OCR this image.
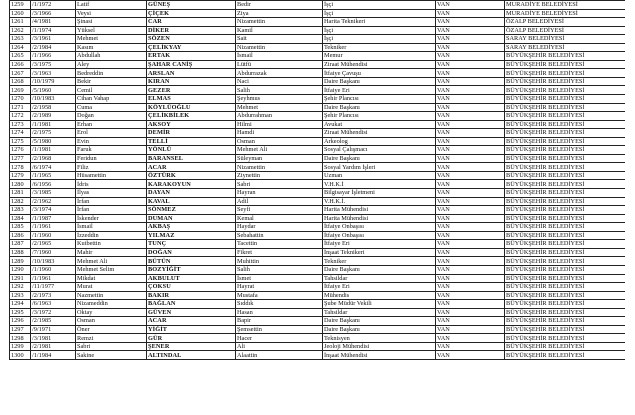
1259	/1/1972	Latif	GÜNEŞ	Bedir	İşçi	VAN	MURADİYE BELEDİYESİ
1260	/3/1966	Veysi	ÇİÇEK	Ziya	İşçi	VAN	MURADİYE BELEDİYESİ
1261	/4/1981	Şinasi	CAR	Nizamettin	Harita Teknikeri	VAN	ÖZALP BELEDİYESİ
1262	/1/1974	Yüksel	DİKER	Kamil	İşçi	VAN	ÖZALP BELEDİYESİ
1263	/3/1961	Mehmet	SÖZEN	Sait	İşçi	VAN	SARAY BELEDİYESİ
1264	/2/1984	Kasım	ÇELİKYAY	Nizamettin	Tekniker	VAN	SARAY BELEDİYESİ
1265	/1/1966	Abdullah	ERTAK	İsmail	Memur	VAN	BÜYÜKŞEHİR BELEDİYESİ
1266	/3/1975	Aley	ŞAHAR CANİŞ	Lütfü	Ziraat Mühendisi	VAN	BÜYÜKŞEHİR BELEDİYESİ
1267	/3/1963	Bedreddin	ARSLAN	Abdurrazak	İtfaiye Çavuşu	VAN	BÜYÜKŞEHİR BELEDİYESİ
1268	/10/1979	Bekir	KIRAN	Naci	Daire Başkanı	VAN	BÜYÜKŞEHİR BELEDİYESİ
1269	/5/1960	Cemil	GEZER	Salih	İtfaiye Eri	VAN	BÜYÜKŞEHİR BELEDİYESİ
1270	/10/1983	Cihan Vahap	ELMAS	Şeyhmus	Şehir Plancısı	VAN	BÜYÜKŞEHİR BELEDİYESİ
1271	/2/1958	Cuma	KÖYLÜOĞLU	Mehmet	Daire Başkanı	VAN	BÜYÜKŞEHİR BELEDİYESİ
1272	/2/1989	Doğan	ÇELİKBİLEK	Abdurrahman	Şehir Plancısı	VAN	BÜYÜKŞEHİR BELEDİYESİ
1273	/1/1981	Erhan	AKSOY	Hilmi	Avukat	VAN	BÜYÜKŞEHİR BELEDİYESİ
1274	/2/1975	Erol	DEMİR	Hamdi	Ziraat Mühendisi	VAN	BÜYÜKŞEHİR BELEDİYESİ
1275	/5/1980	Evin	TELLİ	Osman	Arkeolog	VAN	BÜYÜKŞEHİR BELEDİYESİ
1276	/1/1981	Faruk	YÖNLÜ	Mehmet Ali	Sosyal Çalışmacı	VAN	BÜYÜKŞEHİR BELEDİYESİ
1277	/2/1968	Feridun	BARANSEL	Süleyman	Daire Başkanı	VAN	BÜYÜKŞEHİR BELEDİYESİ
1278	/6/1974	Filiz	ACAR	Nizamettin	Sosyal Yardım İşleri	VAN	BÜYÜKŞEHİR BELEDİYESİ
1279	/1/1965	Hüsamettin	ÖZTÜRK	Ziynettin	Uzman	VAN	BÜYÜKŞEHİR BELEDİYESİ
1280	/6/1956	İdris	KARAKOYUN	Sabri	V.H.K.İ	VAN	BÜYÜKŞEHİR BELEDİYESİ
1281	/3/1985	İlyas	DAYAN	Hayran	Bilgisayar İşletmeni	VAN	BÜYÜKŞEHİR BELEDİYESİ
1282	/2/1962	İrfan	KAVAL	Adil	V.H.K.İ.	VAN	BÜYÜKŞEHİR BELEDİYESİ
1283	/3/1974	İrfan	SÖNMEZ	Seyfi	Harita Mühendisi	VAN	BÜYÜKŞEHİR BELEDİYESİ
1284	/1/1987	İskender	DUMAN	Kemal	Harita Mühendisi	VAN	BÜYÜKŞEHİR BELEDİYESİ
1285	/1/1961	İsmail	AKBAŞ	Haydar	İtfaiye Onbaşısı	VAN	BÜYÜKŞEHİR BELEDİYESİ
1286	/1/1960	İzzeddin	YILMAZ	Sebahattin	İtfaiye Onbaşısı	VAN	BÜYÜKŞEHİR BELEDİYESİ
1287	/2/1965	Kutbettin	TUNÇ	Tacettin	İtfaiye Eri	VAN	BÜYÜKŞEHİR BELEDİYESİ
1288	/7/1960	Mahir	DOĞAN	Fikret	İnşaat Teknikeri	VAN	BÜYÜKŞEHİR BELEDİYESİ
1289	/10/1983	Mehmet Ali	BÜTÜN	Muhittin	Tekniker	VAN	BÜYÜKŞEHİR BELEDİYESİ
1290	/1/1960	Mehmet Selim	BOZYİĞİT	Salih	Daire Başkanı	VAN	BÜYÜKŞEHİR BELEDİYESİ
1291	/1/1961	Mikdat	AKBULUT	İsmet	Tahsildar	VAN	BÜYÜKŞEHİR BELEDİYESİ
1292	/11/1977	Murat	ÇOKSU	Hayrat	İtfaiye Eri	VAN	BÜYÜKŞEHİR BELEDİYESİ
1293	/2/1973	Nazmettin	BAKIR	Mustafa	Mühendis	VAN	BÜYÜKŞEHİR BELEDİYESİ
1294	/6/1963	Nizameddin	BAĞLAN	Sıddık	Şube Müdür Vekili	VAN	BÜYÜKŞEHİR BELEDİYESİ
1295	/3/1972	Oktay	GÜVEN	Hasan	Tahsildar	VAN	BÜYÜKŞEHİR BELEDİYESİ
1296	/2/1985	Osman	ACAR	Bapir	Daire Başkanı	VAN	BÜYÜKŞEHİR BELEDİYESİ
1297	/9/1971	Öner	YİĞİT	Şemsettin	Daire Başkanı	VAN	BÜYÜKŞEHİR BELEDİYESİ
1298	/3/1981	Remzi	GÜR	Hacer	Teknisyen	VAN	BÜYÜKŞEHİR BELEDİYESİ
1299	/2/1981	Sabri	ŞENER	Ali	Jeoloji Mühendisi	VAN	BÜYÜKŞEHİR BELEDİYESİ
1300	/1/1984	Sakine	ALTINDAL	Alaattin	İnşaat Mühendisi	VAN	BÜYÜKŞEHİR BELEDİYESİ
